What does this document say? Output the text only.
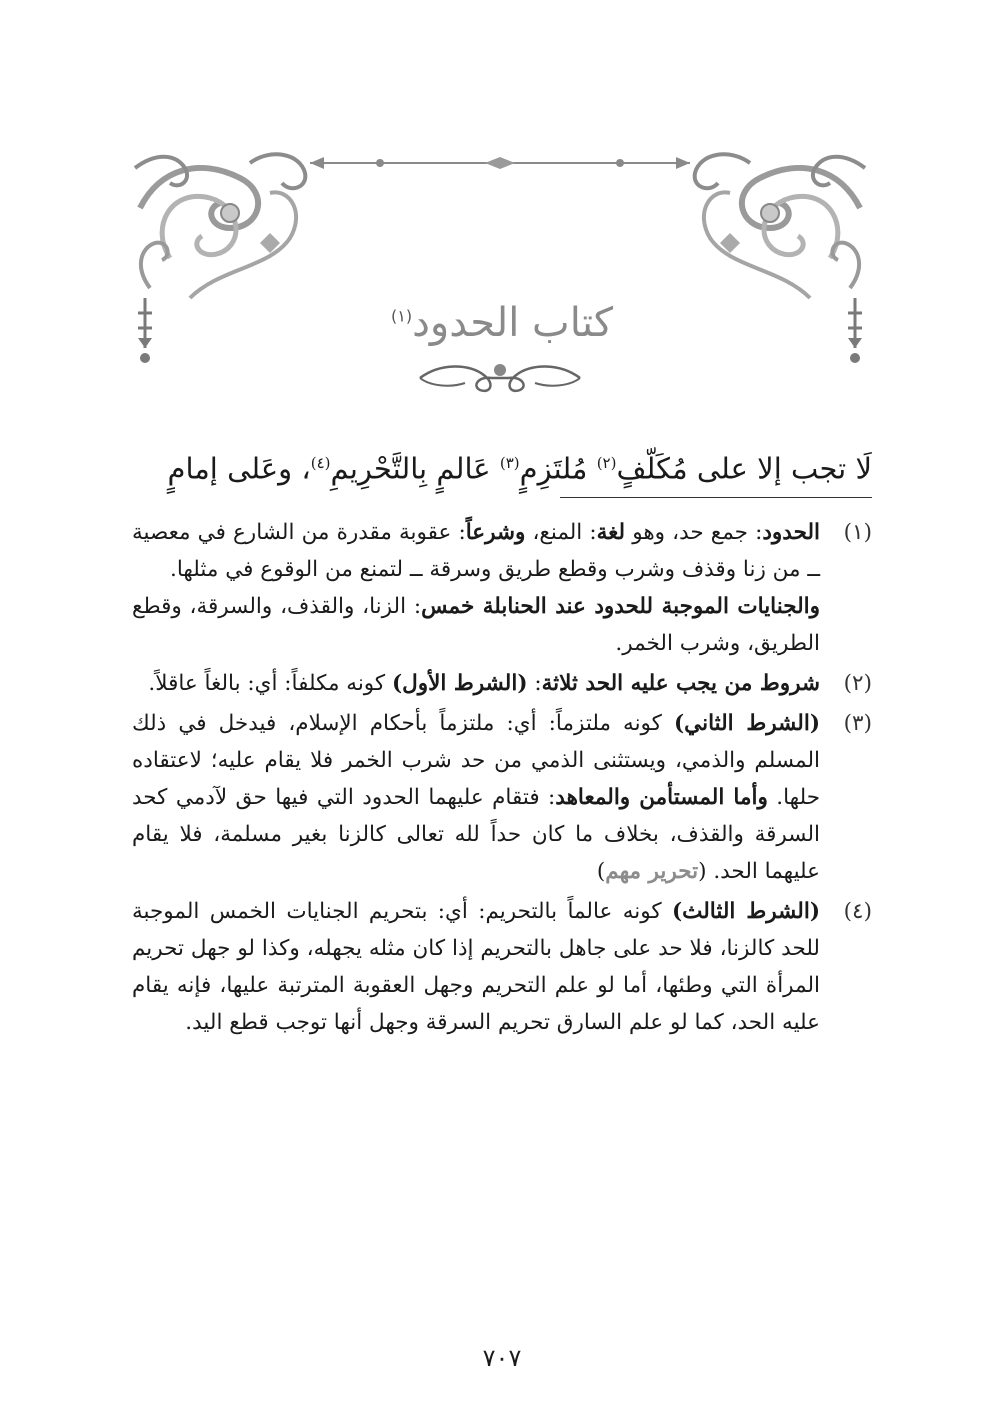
كتاب الحدود$^{(١)}$
لَا تجب إلا على مُكَلّفٍ$^{(٢)}$ مُلتَزِمٍ$^{(٣)}$ عَالمٍ بِالتَّحْرِيمِ$^{(٤)}$، وعَلى إمامٍ
(١)

الحدود: جمع حد، وهو لغة: المنع، وشرعاً: عقوبة مقدرة من الشارع في معصية ــ من زنا وقذف وشرب وقطع طريق وسرقة ــ لتمنع من الوقوع في مثلها.

والجنايات الموجبة للحدود عند الحنابلة خمس: الزنا، والقذف، والسرقة، وقطع الطريق، وشرب الخمر.

(٢)
شروط من يجب عليه الحد ثلاثة: (الشرط الأول) كونه مكلفاً: أي: بالغاً عاقلاً.
(٣)
(الشرط الثاني) كونه ملتزماً: أي: ملتزماً بأحكام الإسلام، فيدخل في ذلك المسلم والذمي، ويستثنى الذمي من حد شرب الخمر فلا يقام عليه؛ لاعتقاده حلها. وأما المستأمن والمعاهد: فتقام عليهما الحدود التي فيها حق لآدمي كحد السرقة والقذف، بخلاف ما كان حداً لله تعالى كالزنا بغير مسلمة، فلا يقام عليهما الحد. (تحرير مهم)
(٤)
(الشرط الثالث) كونه عالماً بالتحريم: أي: بتحريم الجنايات الخمس الموجبة للحد كالزنا، فلا حد على جاهل بالتحريم إذا كان مثله يجهله، وكذا لو جهل تحريم المرأة التي وطئها، أما لو علم التحريم وجهل العقوبة المترتبة عليها، فإنه يقام عليه الحد، كما لو علم السارق تحريم السرقة وجهل أنها توجب قطع اليد.
٧٠٧
